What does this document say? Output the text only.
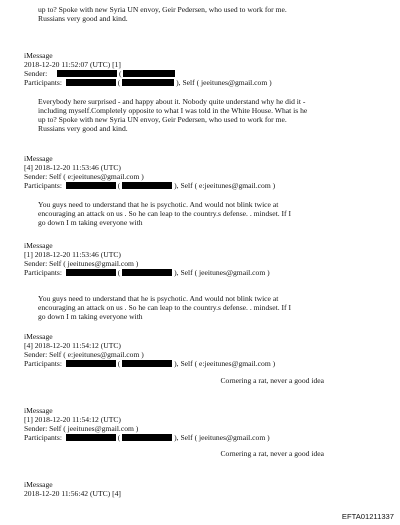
up to? Spoke with new Syria UN envoy, Geir Pedersen, who used to work for me.
Russians very good and kind.
iMessage
2018-12-20 11:52:07 (UTC) [1]
Sender:	(
Participants:	(	), Self ( jeeitunes@gmail.com )
Everybody here surprised - and happy about it. Nobody quite understand why he did it -
including myself.Completely opposite to what I was told in the White House. What is he
up to? Spoke with new Syria UN envoy, Geir Pedersen, who used to work for me.
Russians very good and kind.
iMessage
[4] 2018-12-20 11:53:46 (UTC)
Sender: Self ( e:jeeitunes@gmail.com )
Participants:	(	), Self ( e:jeeitunes@gmail.com )
You guys need to understand that he is psychotic. And would not blink twice at
encouraging an attack on us . So he can leap to the country.s defense. . mindset. If I
go down I m taking everyone with
iMessage
[1] 2018-12-20 11:53:46 (UTC)
Sender: Self ( jeeitunes@gmail.com )
Participants:	(	), Self ( jeeitunes@gmail.com )
You guys need to understand that he is psychotic. And would not blink twice at
encouraging an attack on us . So he can leap to the country.s defense. . mindset. If I
go down I m taking everyone with
iMessage
[4] 2018-12-20 11:54:12 (UTC)
Sender: Self ( e:jeeitunes@gmail.com )
Participants:	(	), Self ( e:jeeitunes@gmail.com )
Cornering a rat, never a good idea
iMessage
[1] 2018-12-20 11:54:12 (UTC)
Sender: Self ( jeeitunes@gmail.com )
Participants:	(	), Self ( jeeitunes@gmail.com )
Cornering a rat, never a good idea
iMessage
2018-12-20 11:56:42 (UTC) [4]
EFTA01211337
